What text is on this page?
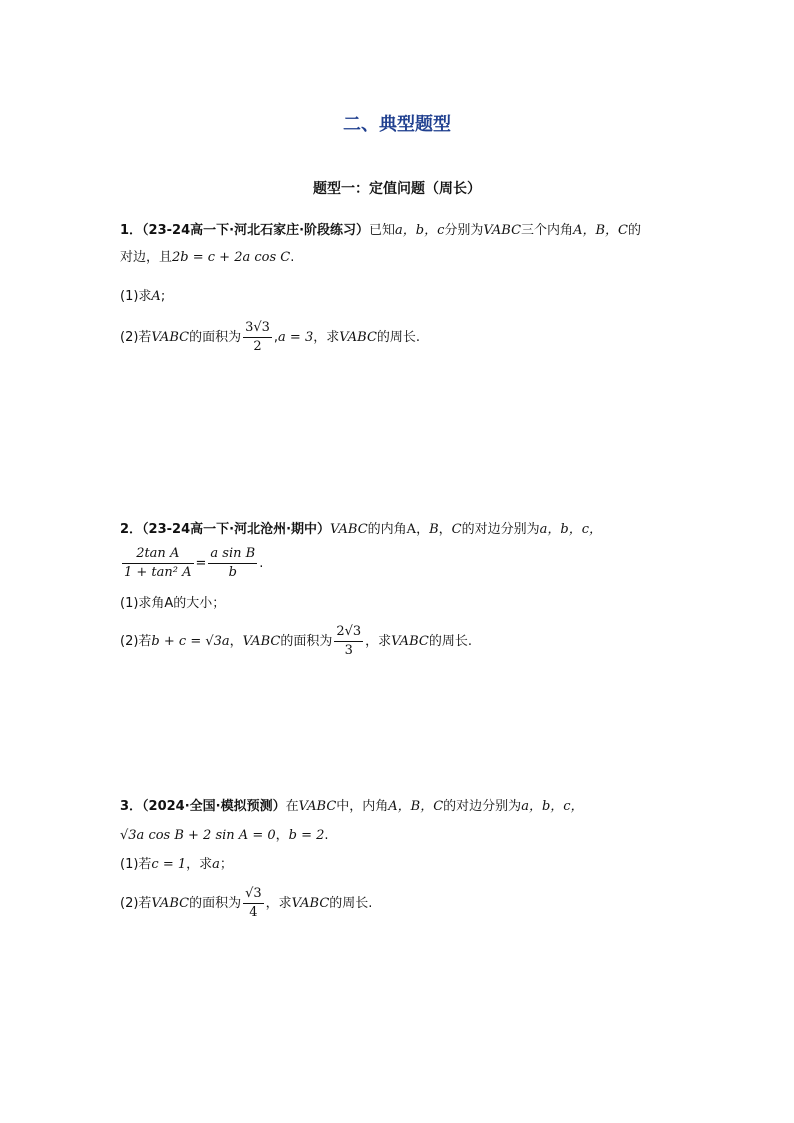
二、典型题型
题型一：定值问题（周长）
1．（23-24高一下·河北石家庄·阶段练习）已知a，b，c分别为VABC三个内角A，B，C的
对边，且2b = c + 2a cos C.
(1)求A;
(2)若VABC的面积为 $\frac{3√3}{2} ,a = 3$，求VABC的周长.
2．（23-24高一下·河北沧州·期中）VABC的内角A，B，C的对边分别为a，b，c，
$\frac{\text{2tan A}}{\text{1 + tan² A}} = \frac{\text{a sin B}}{b}$ .
(1)求角A的大小；
(2)若b + c = √3a，VABC的面积为 $\frac{2√3}{3}$ ，求VABC的周长.
3．（2024·全国·模拟预测）在VABC中，内角A，B，C的对边分别为a，b，c，
√3a cos B + 2 sin A = 0，b = 2.
(1)若c = 1，求a；
(2)若VABC的面积为 $\frac{√3}{4}$ ，求VABC的周长.
